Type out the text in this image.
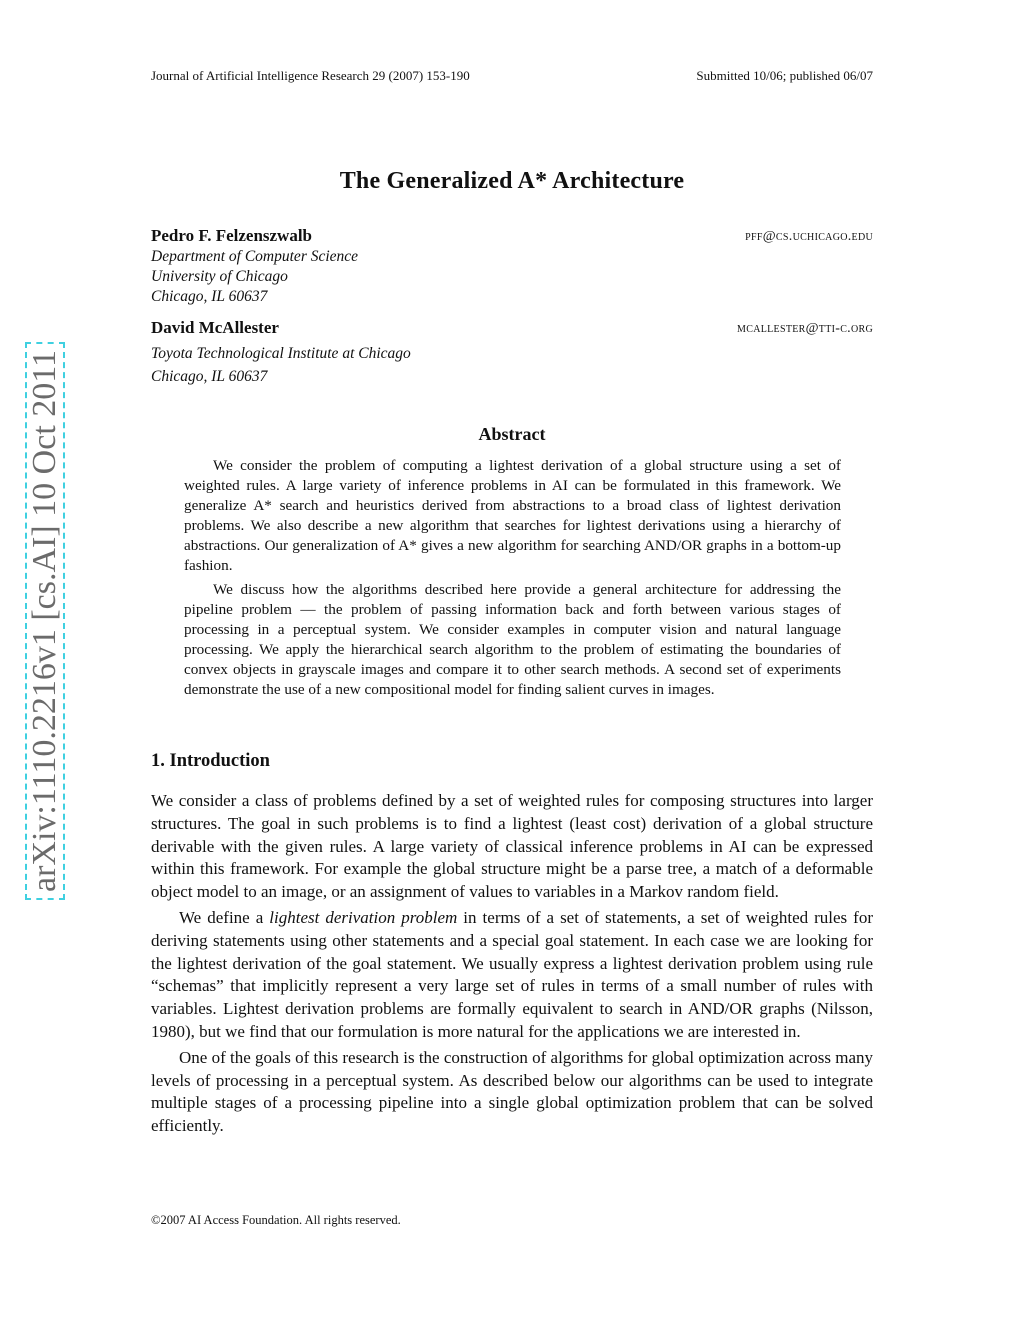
Journal of Artificial Intelligence Research 29 (2007) 153-190	Submitted 10/06; published 06/07
The Generalized A* Architecture
Pedro F. Felzenszwalb	pff@cs.uchicago.edu
Department of Computer Science
University of Chicago
Chicago, IL 60637
David McAllester	mcallester@tti-c.org
Toyota Technological Institute at Chicago
Chicago, IL 60637
Abstract

We consider the problem of computing a lightest derivation of a global structure using a set of weighted rules. A large variety of inference problems in AI can be formulated in this framework. We generalize A* search and heuristics derived from abstractions to a broad class of lightest derivation problems. We also describe a new algorithm that searches for lightest derivations using a hierarchy of abstractions. Our generalization of A* gives a new algorithm for searching AND/OR graphs in a bottom-up fashion.

We discuss how the algorithms described here provide a general architecture for addressing the pipeline problem — the problem of passing information back and forth between various stages of processing in a perceptual system. We consider examples in computer vision and natural language processing. We apply the hierarchical search algorithm to the problem of estimating the boundaries of convex objects in grayscale images and compare it to other search methods. A second set of experiments demonstrate the use of a new compositional model for finding salient curves in images.

1. Introduction

We consider a class of problems defined by a set of weighted rules for composing structures into larger structures. The goal in such problems is to find a lightest (least cost) derivation of a global structure derivable with the given rules. A large variety of classical inference problems in AI can be expressed within this framework. For example the global structure might be a parse tree, a match of a deformable object model to an image, or an assignment of values to variables in a Markov random field.

We define a lightest derivation problem in terms of a set of statements, a set of weighted rules for deriving statements using other statements and a special goal statement. In each case we are looking for the lightest derivation of the goal statement. We usually express a lightest derivation problem using rule “schemas” that implicitly represent a very large set of rules in terms of a small number of rules with variables. Lightest derivation problems are formally equivalent to search in AND/OR graphs (Nilsson, 1980), but we find that our formulation is more natural for the applications we are interested in.

One of the goals of this research is the construction of algorithms for global optimization across many levels of processing in a perceptual system. As described below our algorithms can be used to integrate multiple stages of a processing pipeline into a single global optimization problem that can be solved efficiently.

©2007 AI Access Foundation. All rights reserved.
arXiv:1110.2216v1 [cs.AI] 10 Oct 2011
